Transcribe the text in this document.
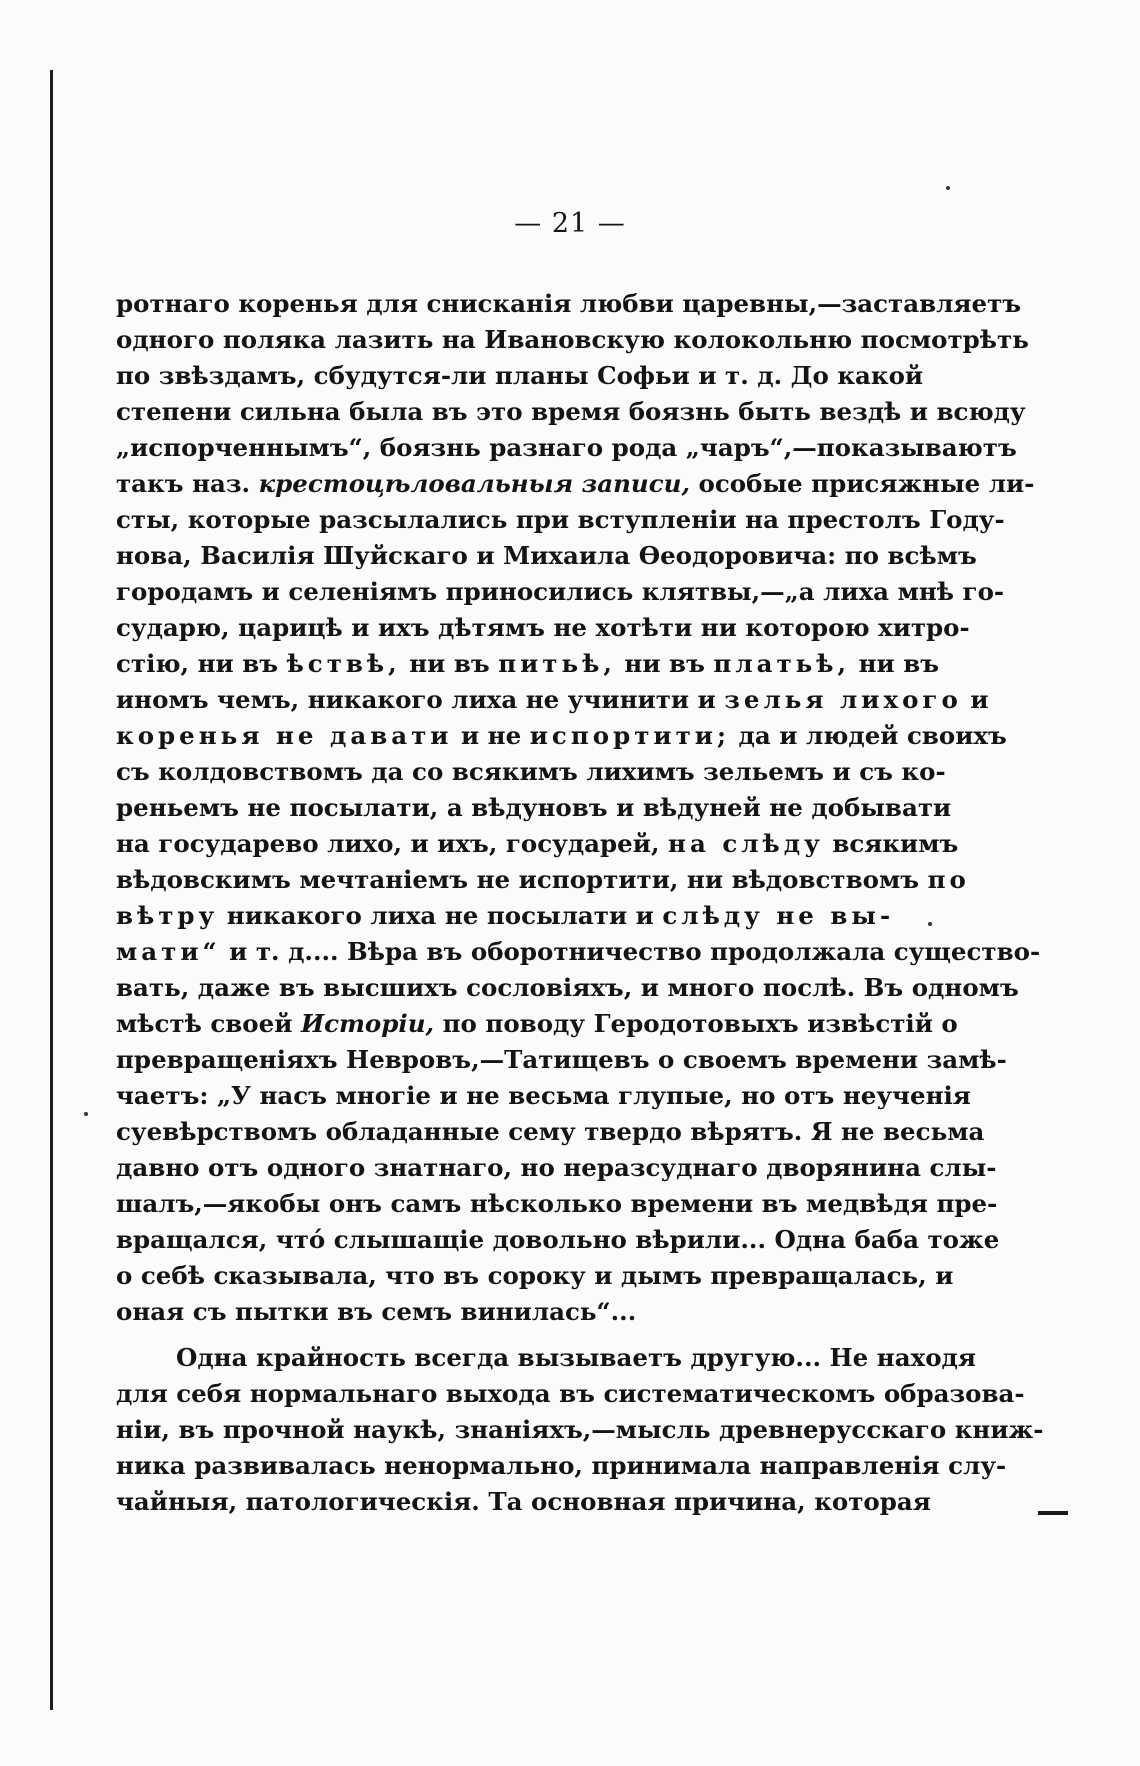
— 21 —
ротнаго коренья для снисканія любви царевны,—заставляетъ
одного поляка лазить на Ивановскую колокольню посмотрѣть
по звѣздамъ, сбудутся-ли планы Софьи и т. д. До какой
степени сильна была въ это время боязнь быть вездѣ и всюду
„испорченнымъ“, боязнь разнаго рода „чаръ“,—показываютъ
такъ наз. крестоцѣловальныя записи, особые присяжные ли-
сты, которые разсылались при вступленіи на престолъ Году-
нова, Василія Шуйскаго и Михаила Ѳеодоровича: по всѣмъ
городамъ и селеніямъ приносились клятвы,—„а лиха мнѣ го-
сударю, царицѣ и ихъ дѣтямъ не хотѣти ни которою хитро-
стію, ни въ ѣствѣ, ни въ питьѣ, ни въ платьѣ, ни въ
иномъ чемъ, никакого лиха не учинити и зелья лихого и
коренья не давати и не испортити; да и людей своихъ
съ колдовствомъ да со всякимъ лихимъ зельемъ и съ ко-
реньемъ не посылати, а вѣдуновъ и вѣдуней не добывати
на государево лихо, и ихъ, государей, на слѣду всякимъ
вѣдовскимъ мечтаніемъ не испортити, ни вѣдовствомъ по
вѣтру никакого лиха не посылати и слѣду не вы-
мати“ и т. д.... Вѣра въ оборотничество продолжала существо-
вать, даже въ высшихъ сословіяхъ, и много послѣ. Въ одномъ
мѣстѣ своей Исторіи, по поводу Геродотовыхъ извѣстій о
превращеніяхъ Невровъ,—Татищевъ о своемъ времени замѣ-
чаетъ: „У насъ многіе и не весьма глупые, но отъ неученія
суевѣрствомъ обладанные сему твердо вѣрятъ. Я не весьма
давно отъ одного знатнаго, но неразсуднаго дворянина слы-
шалъ,—якобы онъ самъ нѣсколько времени въ медвѣдя пре-
вращался, чтó слышащіе довольно вѣрили... Одна баба тоже
о себѣ сказывала, что въ сороку и дымъ превращалась, и
оная съ пытки въ семъ винилась“...
Одна крайность всегда вызываетъ другую... Не находя
для себя нормальнаго выхода въ систематическомъ образова-
ніи, въ прочной наукѣ, знаніяхъ,—мысль древнерусскаго книж-
ника развивалась ненормально, принимала направленія слу-
чайныя, патологическія. Та основная причина, которая
